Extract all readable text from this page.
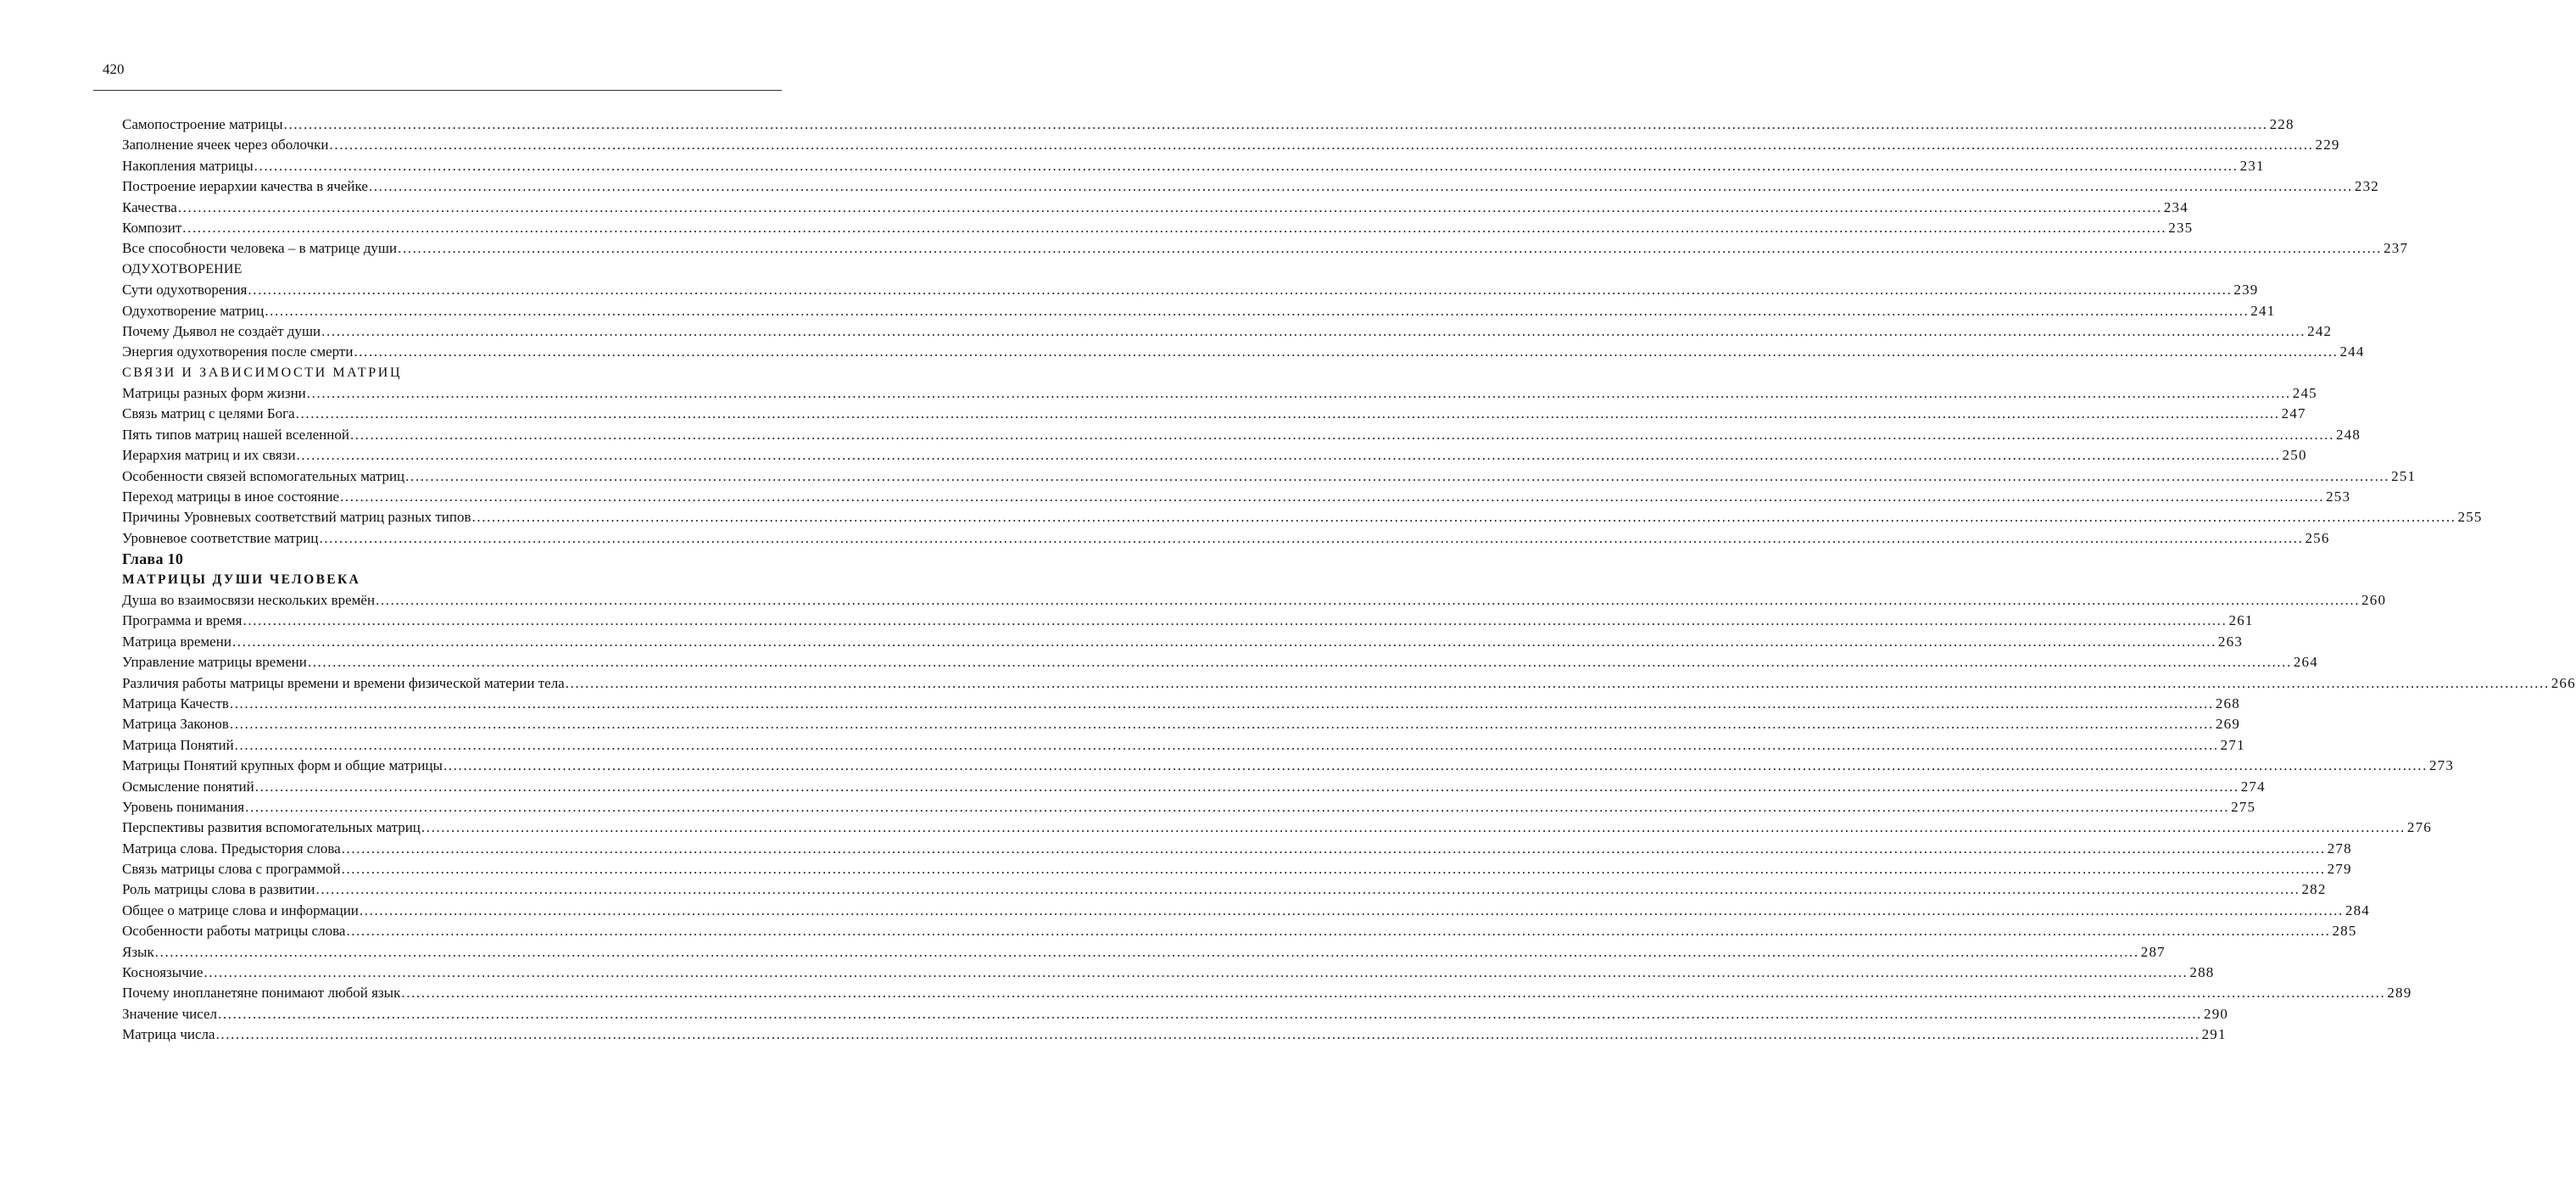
420
Самопостроение матрицы ................................................................................................................................................................................................................................................................................................................................................................................................................ 228
Заполнение ячеек через оболочки ................................................................................................................................................................................................................................................................................................................................................................................................................ 229
Накопления матрицы ................................................................................................................................................................................................................................................................................................................................................................................................................ 231
Построение иерархии качества в ячейке ................................................................................................................................................................................................................................................................................................................................................................................................................ 232
Качества ................................................................................................................................................................................................................................................................................................................................................................................................................ 234
Композит ................................................................................................................................................................................................................................................................................................................................................................................................................ 235
Все способности человека – в матрице души ................................................................................................................................................................................................................................................................................................................................................................................................................ 237
ОДУХОТВОРЕНИЕ
Сути одухотворения ................................................................................................................................................................................................................................................................................................................................................................................................................ 239
Одухотворение матриц ................................................................................................................................................................................................................................................................................................................................................................................................................ 241
Почему Дьявол не создаёт души ................................................................................................................................................................................................................................................................................................................................................................................................................ 242
Энергия одухотворения после смерти ................................................................................................................................................................................................................................................................................................................................................................................................................ 244
СВЯЗИ И ЗАВИСИМОСТИ МАТРИЦ
Матрицы разных форм жизни ................................................................................................................................................................................................................................................................................................................................................................................................................ 245
Связь матриц с целями Бога ................................................................................................................................................................................................................................................................................................................................................................................................................ 247
Пять типов матриц нашей вселенной ................................................................................................................................................................................................................................................................................................................................................................................................................ 248
Иерархия матриц и их связи ................................................................................................................................................................................................................................................................................................................................................................................................................ 250
Особенности связей вспомогательных матриц ................................................................................................................................................................................................................................................................................................................................................................................................................ 251
Переход матрицы в иное состояние ................................................................................................................................................................................................................................................................................................................................................................................................................ 253
Причины Уровневых соответствий матриц разных типов ................................................................................................................................................................................................................................................................................................................................................................................................................ 255
Уровневое соответствие матриц ................................................................................................................................................................................................................................................................................................................................................................................................................ 256
Глава 10
МАТРИЦЫ ДУШИ ЧЕЛОВЕКА
Душа во взаимосвязи нескольких времён ................................................................................................................................................................................................................................................................................................................................................................................................................ 260
Программа и время ................................................................................................................................................................................................................................................................................................................................................................................................................ 261
Матрица времени ................................................................................................................................................................................................................................................................................................................................................................................................................ 263
Управление матрицы времени ................................................................................................................................................................................................................................................................................................................................................................................................................ 264
Различия работы матрицы времени и времени физической материи тела ................................................................................................................................................................................................................................................................................................................................................................................................................ 266
Матрица Качеств ................................................................................................................................................................................................................................................................................................................................................................................................................ 268
Матрица Законов ................................................................................................................................................................................................................................................................................................................................................................................................................ 269
Матрица Понятий ................................................................................................................................................................................................................................................................................................................................................................................................................ 271
Матрицы Понятий крупных форм и общие матрицы ................................................................................................................................................................................................................................................................................................................................................................................................................ 273
Осмысление понятий ................................................................................................................................................................................................................................................................................................................................................................................................................ 274
Уровень понимания ................................................................................................................................................................................................................................................................................................................................................................................................................ 275
Перспективы развития вспомогательных матриц ................................................................................................................................................................................................................................................................................................................................................................................................................ 276
Матрица слова. Предыстория слова ................................................................................................................................................................................................................................................................................................................................................................................................................ 278
Связь матрицы слова с программой ................................................................................................................................................................................................................................................................................................................................................................................................................ 279
Роль матрицы слова в развитии ................................................................................................................................................................................................................................................................................................................................................................................................................ 282
Общее о матрице слова и информации ................................................................................................................................................................................................................................................................................................................................................................................................................ 284
Особенности работы матрицы слова ................................................................................................................................................................................................................................................................................................................................................................................................................ 285
Язык ................................................................................................................................................................................................................................................................................................................................................................................................................ 287
Косноязычие ................................................................................................................................................................................................................................................................................................................................................................................................................ 288
Почему инопланетяне понимают любой язык ................................................................................................................................................................................................................................................................................................................................................................................................................ 289
Значение чисел ................................................................................................................................................................................................................................................................................................................................................................................................................ 290
Матрица числа ................................................................................................................................................................................................................................................................................................................................................................................................................ 291
